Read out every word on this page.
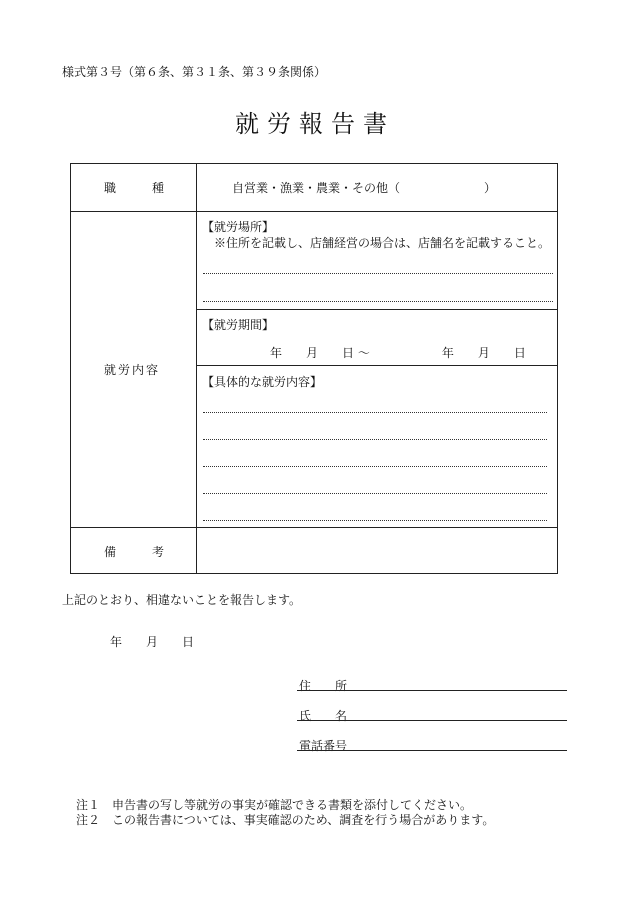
様式第３号（第６条、第３１条、第３９条関係）
就労報告書
職　　　種	自営業・漁業・農業・その他（　　　　　　　）
就労内容
【就労場所】
※住所を記載し、店舗経営の場合は、店舗名を記載すること。
【就労期間】
年　　月　　日 ～　　　　　　年　　月　　日
【具体的な就労内容】
備　　　考
上記のとおり、相違ないことを報告します。
年　　月　　日
住　　所
氏　　名
電話番号
注１　申告書の写し等就労の事実が確認できる書類を添付してください。
注２　この報告書については、事実確認のため、調査を行う場合があります。
